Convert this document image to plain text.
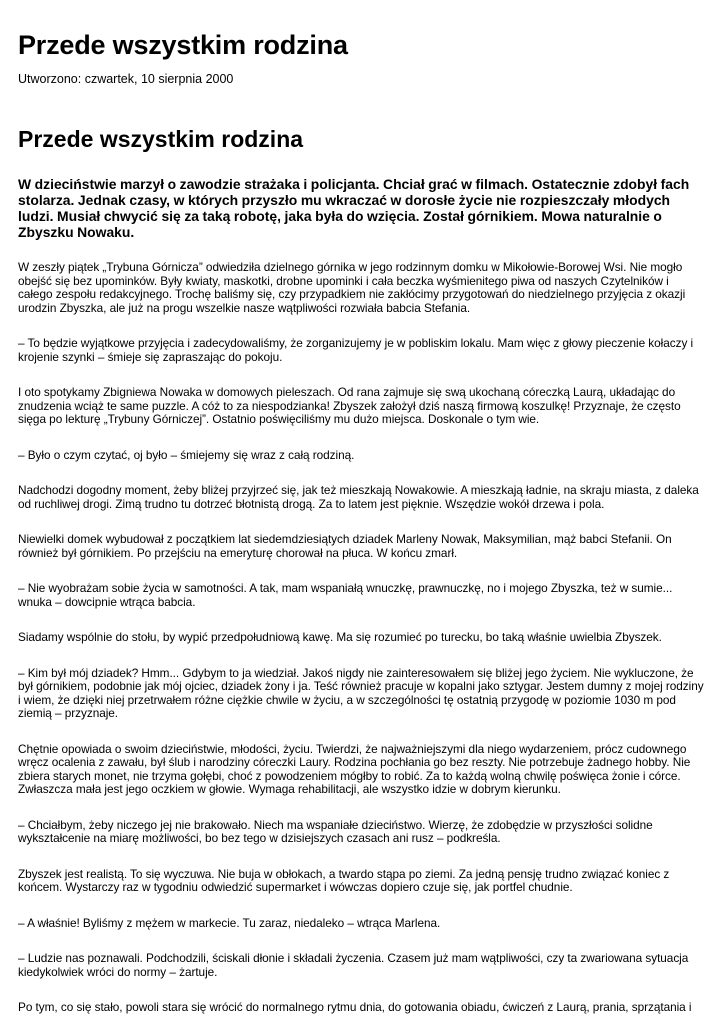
Przede wszystkim rodzina
Utworzono: czwartek, 10 sierpnia 2000
Przede wszystkim rodzina
W dzieciństwie marzył o zawodzie strażaka i policjanta. Chciał grać w filmach. Ostatecznie zdobył fach stolarza. Jednak czasy, w których przyszło mu wkraczać w dorosłe życie nie rozpieszczały młodych ludzi. Musiał chwycić się za taką robotę, jaka była do wzięcia. Został górnikiem. Mowa naturalnie o Zbyszku Nowaku.

W zeszły piątek „Trybuna Górnicza” odwiedziła dzielnego górnika w jego rodzinnym domku w Mikołowie-Borowej Wsi. Nie mogło obejść się bez upominków. Były kwiaty, maskotki, drobne upominki i cała beczka wyśmienitego piwa od naszych Czytelników i całego zespołu redakcyjnego. Trochę baliśmy się, czy przypadkiem nie zakłócimy przygotowań do niedzielnego przyjęcia z okazji urodzin Zbyszka, ale już na progu wszelkie nasze wątpliwości rozwiała babcia Stefania.

– To będzie wyjątkowe przyjęcia i zadecydowaliśmy, że zorganizujemy je w pobliskim lokalu. Mam więc z głowy pieczenie kołaczy i krojenie szynki – śmieje się zapraszając do pokoju.

I oto spotykamy Zbigniewa Nowaka w domowych pieleszach. Od rana zajmuje się swą ukochaną córeczką Laurą, układając do znudzenia wciąż te same puzzle. A cóż to za niespodzianka! Zbyszek założył dziś naszą firmową koszulkę! Przyznaje, że często sięga po lekturę „Trybuny Górniczej”. Ostatnio poświęciliśmy mu dużo miejsca. Doskonale o tym wie.

– Było o czym czytać, oj było – śmiejemy się wraz z całą rodziną.

Nadchodzi dogodny moment, żeby bliżej przyjrzeć się, jak też mieszkają Nowakowie. A mieszkają ładnie, na skraju miasta, z daleka od ruchliwej drogi. Zimą trudno tu dotrzeć błotnistą drogą. Za to latem jest pięknie. Wszędzie wokół drzewa i pola.

Niewielki domek wybudował z początkiem lat siedemdziesiątych dziadek Marleny Nowak, Maksymilian, mąż babci Stefanii. On również był górnikiem. Po przejściu na emeryturę chorował na płuca. W końcu zmarł.

– Nie wyobrażam sobie życia w samotności. A tak, mam wspaniałą wnuczkę, prawnuczkę, no i mojego Zbyszka, też w sumie... wnuka – dowcipnie wtrąca babcia.

Siadamy wspólnie do stołu, by wypić przedpołudniową kawę. Ma się rozumieć po turecku, bo taką właśnie uwielbia Zbyszek.

– Kim był mój dziadek? Hmm... Gdybym to ja wiedział. Jakoś nigdy nie zainteresowałem się bliżej jego życiem. Nie wykluczone, że był górnikiem, podobnie jak mój ojciec, dziadek żony i ja. Teść również pracuje w kopalni jako sztygar. Jestem dumny z mojej rodziny i wiem, że dzięki niej przetrwałem różne ciężkie chwile w życiu, a w szczególności tę ostatnią przygodę w poziomie 1030 m pod ziemią – przyznaje.

Chętnie opowiada o swoim dzieciństwie, młodości, życiu. Twierdzi, że najważniejszymi dla niego wydarzeniem, prócz cudownego wręcz ocalenia z zawału, był ślub i narodziny córeczki Laury. Rodzina pochłania go bez reszty. Nie potrzebuje żadnego hobby. Nie zbiera starych monet, nie trzyma gołębi, choć z powodzeniem mógłby to robić. Za to każdą wolną chwilę poświęca żonie i córce. Zwłaszcza mała jest jego oczkiem w głowie. Wymaga rehabilitacji, ale wszystko idzie w dobrym kierunku.

– Chciałbym, żeby niczego jej nie brakowało. Niech ma wspaniałe dzieciństwo. Wierzę, że zdobędzie w przyszłości solidne wykształcenie na miarę możliwości, bo bez tego w dzisiejszych czasach ani rusz – podkreśla.

Zbyszek jest realistą. To się wyczuwa. Nie buja w obłokach, a twardo stąpa po ziemi. Za jedną pensję trudno związać koniec z końcem. Wystarczy raz w tygodniu odwiedzić supermarket i wówczas dopiero czuje się, jak portfel chudnie.

– A właśnie! Byliśmy z mężem w markecie. Tu zaraz, niedaleko – wtrąca Marlena.

– Ludzie nas poznawali. Podchodzili, ściskali dłonie i składali życzenia. Czasem już mam wątpliwości, czy ta zwariowana sytuacja kiedykolwiek wróci do normy – żartuje.

Po tym, co się stało, powoli stara się wrócić do normalnego rytmu dnia, do gotowania obiadu, ćwiczeń z Laurą, prania, sprzątania i
